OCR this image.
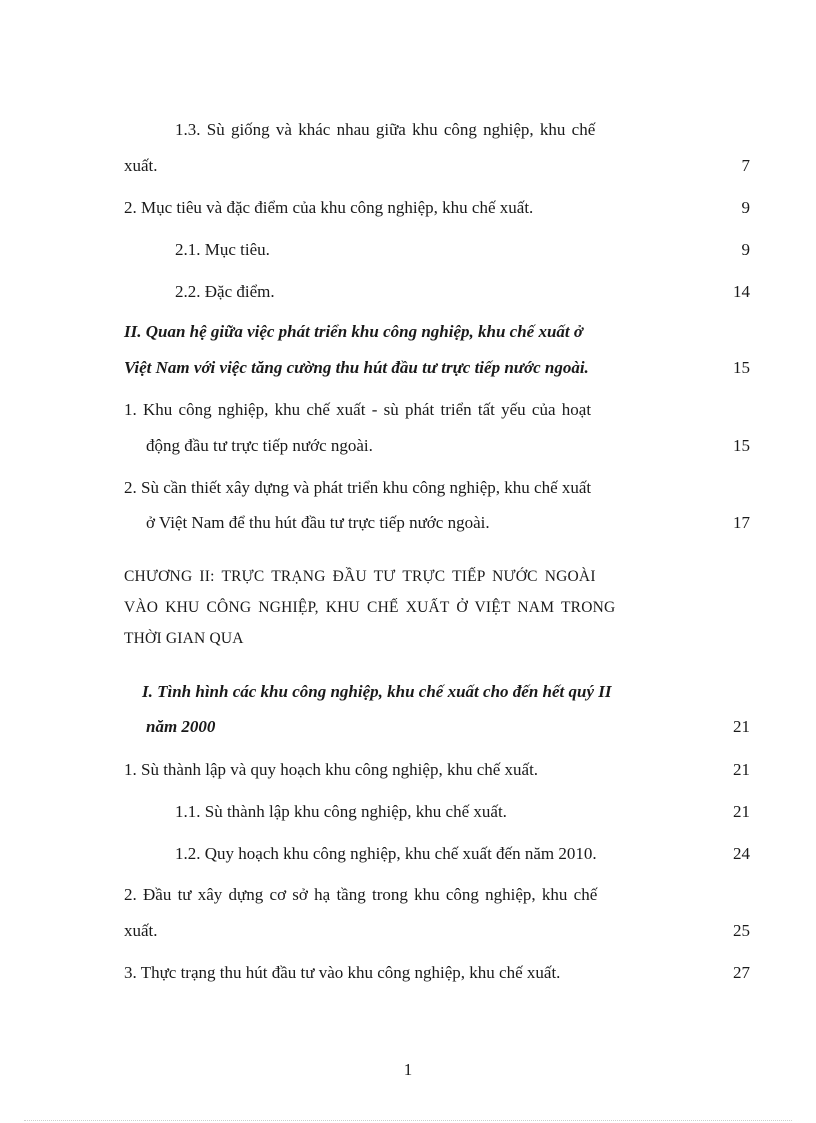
1.3. Sù giống và khác nhau giữa khu công nghiệp, khu chế
xuất.	7
2. Mục tiêu và đặc điểm của khu công nghiệp, khu chế xuất.	9
2.1. Mục tiêu.	9
2.2. Đặc điểm.	14
II. Quan hệ giữa việc phát triển khu công nghiệp, khu chế xuất ở
Việt Nam với việc tăng cường thu hút đầu tư trực tiếp nước ngoài.	15
1. Khu công nghiệp, khu chế xuất - sù phát triển tất yếu của hoạt
động đầu tư trực tiếp nước ngoài.	15
2. Sù cần thiết xây dựng và phát triển khu công nghiệp, khu chế xuất
ở Việt Nam để thu hút đầu tư trực tiếp nước ngoài.	17
CHƯƠNG II: TRỰC TRẠNG ĐẦU TƯ TRỰC TIẾP NƯỚC NGOÀI
VÀO KHU CÔNG NGHIỆP, KHU CHẾ XUẤT Ở VIỆT NAM TRONG
THỜI GIAN QUA
I. Tình hình các khu công nghiệp, khu chế xuất cho đến hết quý II
năm 2000	21
1. Sù thành lập và quy hoạch khu công nghiệp, khu chế xuất.	21
1.1. Sù thành lập khu công nghiệp, khu chế xuất.	21
1.2. Quy hoạch khu công nghiệp, khu chế xuất đến năm 2010.	24
2. Đầu tư xây dựng cơ sở hạ tầng trong khu công nghiệp, khu chế
xuất.	25
3. Thực trạng thu hút đầu tư vào khu công nghiệp, khu chế xuất.	27
1
